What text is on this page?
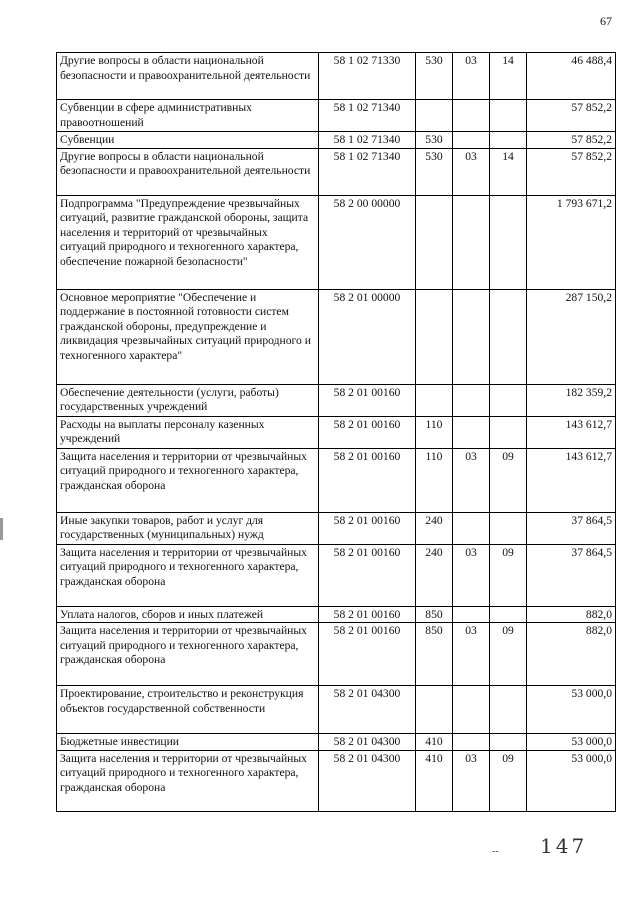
67
Другие вопросы в области национальной безопасности и правоохранительной деятельности	58 1 02 71330	530	03	14	46 488,4
Субвенции в сфере административных правоотношений	58 1 02 71340				57 852,2
Субвенции	58 1 02 71340	530			57 852,2
Другие вопросы в области национальной безопасности и правоохранительной деятельности	58 1 02 71340	530	03	14	57 852,2
Подпрограмма "Предупреждение чрезвычайных ситуаций, развитие гражданской обороны, защита населения и территорий от чрезвычайных ситуаций природного и техногенного характера, обеспечение пожарной безопасности"	58 2 00 00000				1 793 671,2
Основное мероприятие "Обеспечение и поддержание в постоянной готовности систем гражданской обороны, предупреждение и ликвидация чрезвычайных ситуаций природного и техногенного характера"	58 2 01 00000				287 150,2
Обеспечение деятельности (услуги, работы) государственных учреждений	58 2 01 00160				182 359,2
Расходы на выплаты персоналу казенных учреждений	58 2 01 00160	110			143 612,7
Защита населения и территории от чрезвычайных ситуаций природного и техногенного характера, гражданская оборона	58 2 01 00160	110	03	09	143 612,7
Иные закупки товаров, работ и услуг для государственных (муниципальных) нужд	58 2 01 00160	240			37 864,5
Защита населения и территории от чрезвычайных ситуаций природного и техногенного характера, гражданская оборона	58 2 01 00160	240	03	09	37 864,5
Уплата налогов, сборов и иных платежей	58 2 01 00160	850			882,0
Защита населения и территории от чрезвычайных ситуаций природного и техногенного характера, гражданская оборона	58 2 01 00160	850	03	09	882,0
Проектирование, строительство и реконструкция объектов государственной собственности	58 2 01 04300				53 000,0
Бюджетные инвестиции	58 2 01 04300	410			53 000,0
Защита населения и территории от чрезвычайных ситуаций природного и техногенного характера, гражданская оборона	58 2 01 04300	410	03	09	53 000,0
-- 147
